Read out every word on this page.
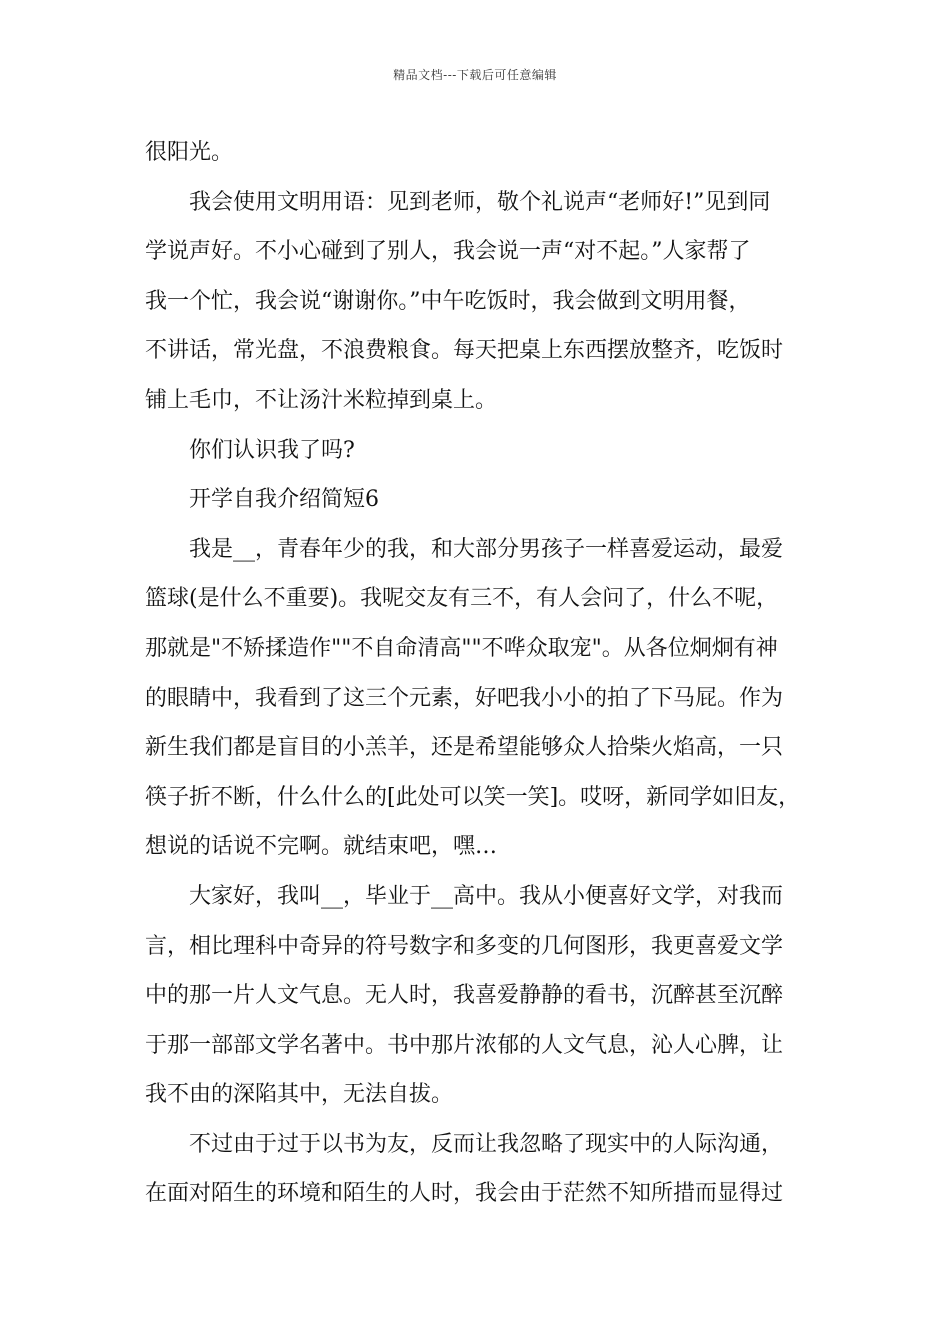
精品文档---下载后可任意编辑
很阳光。
我会使用文明用语：见到老师，敬个礼说声“老师好!”见到同
学说声好。不小心碰到了别人，我会说一声“对不起。”人家帮了
我一个忙，我会说“谢谢你。”中午吃饭时，我会做到文明用餐，
不讲话，常光盘，不浪费粮食。每天把桌上东西摆放整齐，吃饭时
铺上毛巾，不让汤汁米粒掉到桌上。
你们认识我了吗?
开学自我介绍简短6
我是__，青春年少的我，和大部分男孩子一样喜爱运动，最爱
篮球(是什么不重要)。我呢交友有三不，有人会问了，什么不呢，
那就是"不矫揉造作""不自命清高""不哗众取宠"。从各位炯炯有神
的眼睛中，我看到了这三个元素，好吧我小小的拍了下马屁。作为
新生我们都是盲目的小羔羊，还是希望能够众人拾柴火焰高，一只
筷子折不断，什么什么的[此处可以笑一笑]。哎呀，新同学如旧友，
想说的话说不完啊。就结束吧，嘿…
大家好，我叫__，毕业于__高中。我从小便喜好文学，对我而
言，相比理科中奇异的符号数字和多变的几何图形，我更喜爱文学
中的那一片人文气息。无人时，我喜爱静静的看书，沉醉甚至沉醉
于那一部部文学名著中。书中那片浓郁的人文气息，沁人心脾，让
我不由的深陷其中，无法自拔。
不过由于过于以书为友，反而让我忽略了现实中的人际沟通，
在面对陌生的环境和陌生的人时，我会由于茫然不知所措而显得过
